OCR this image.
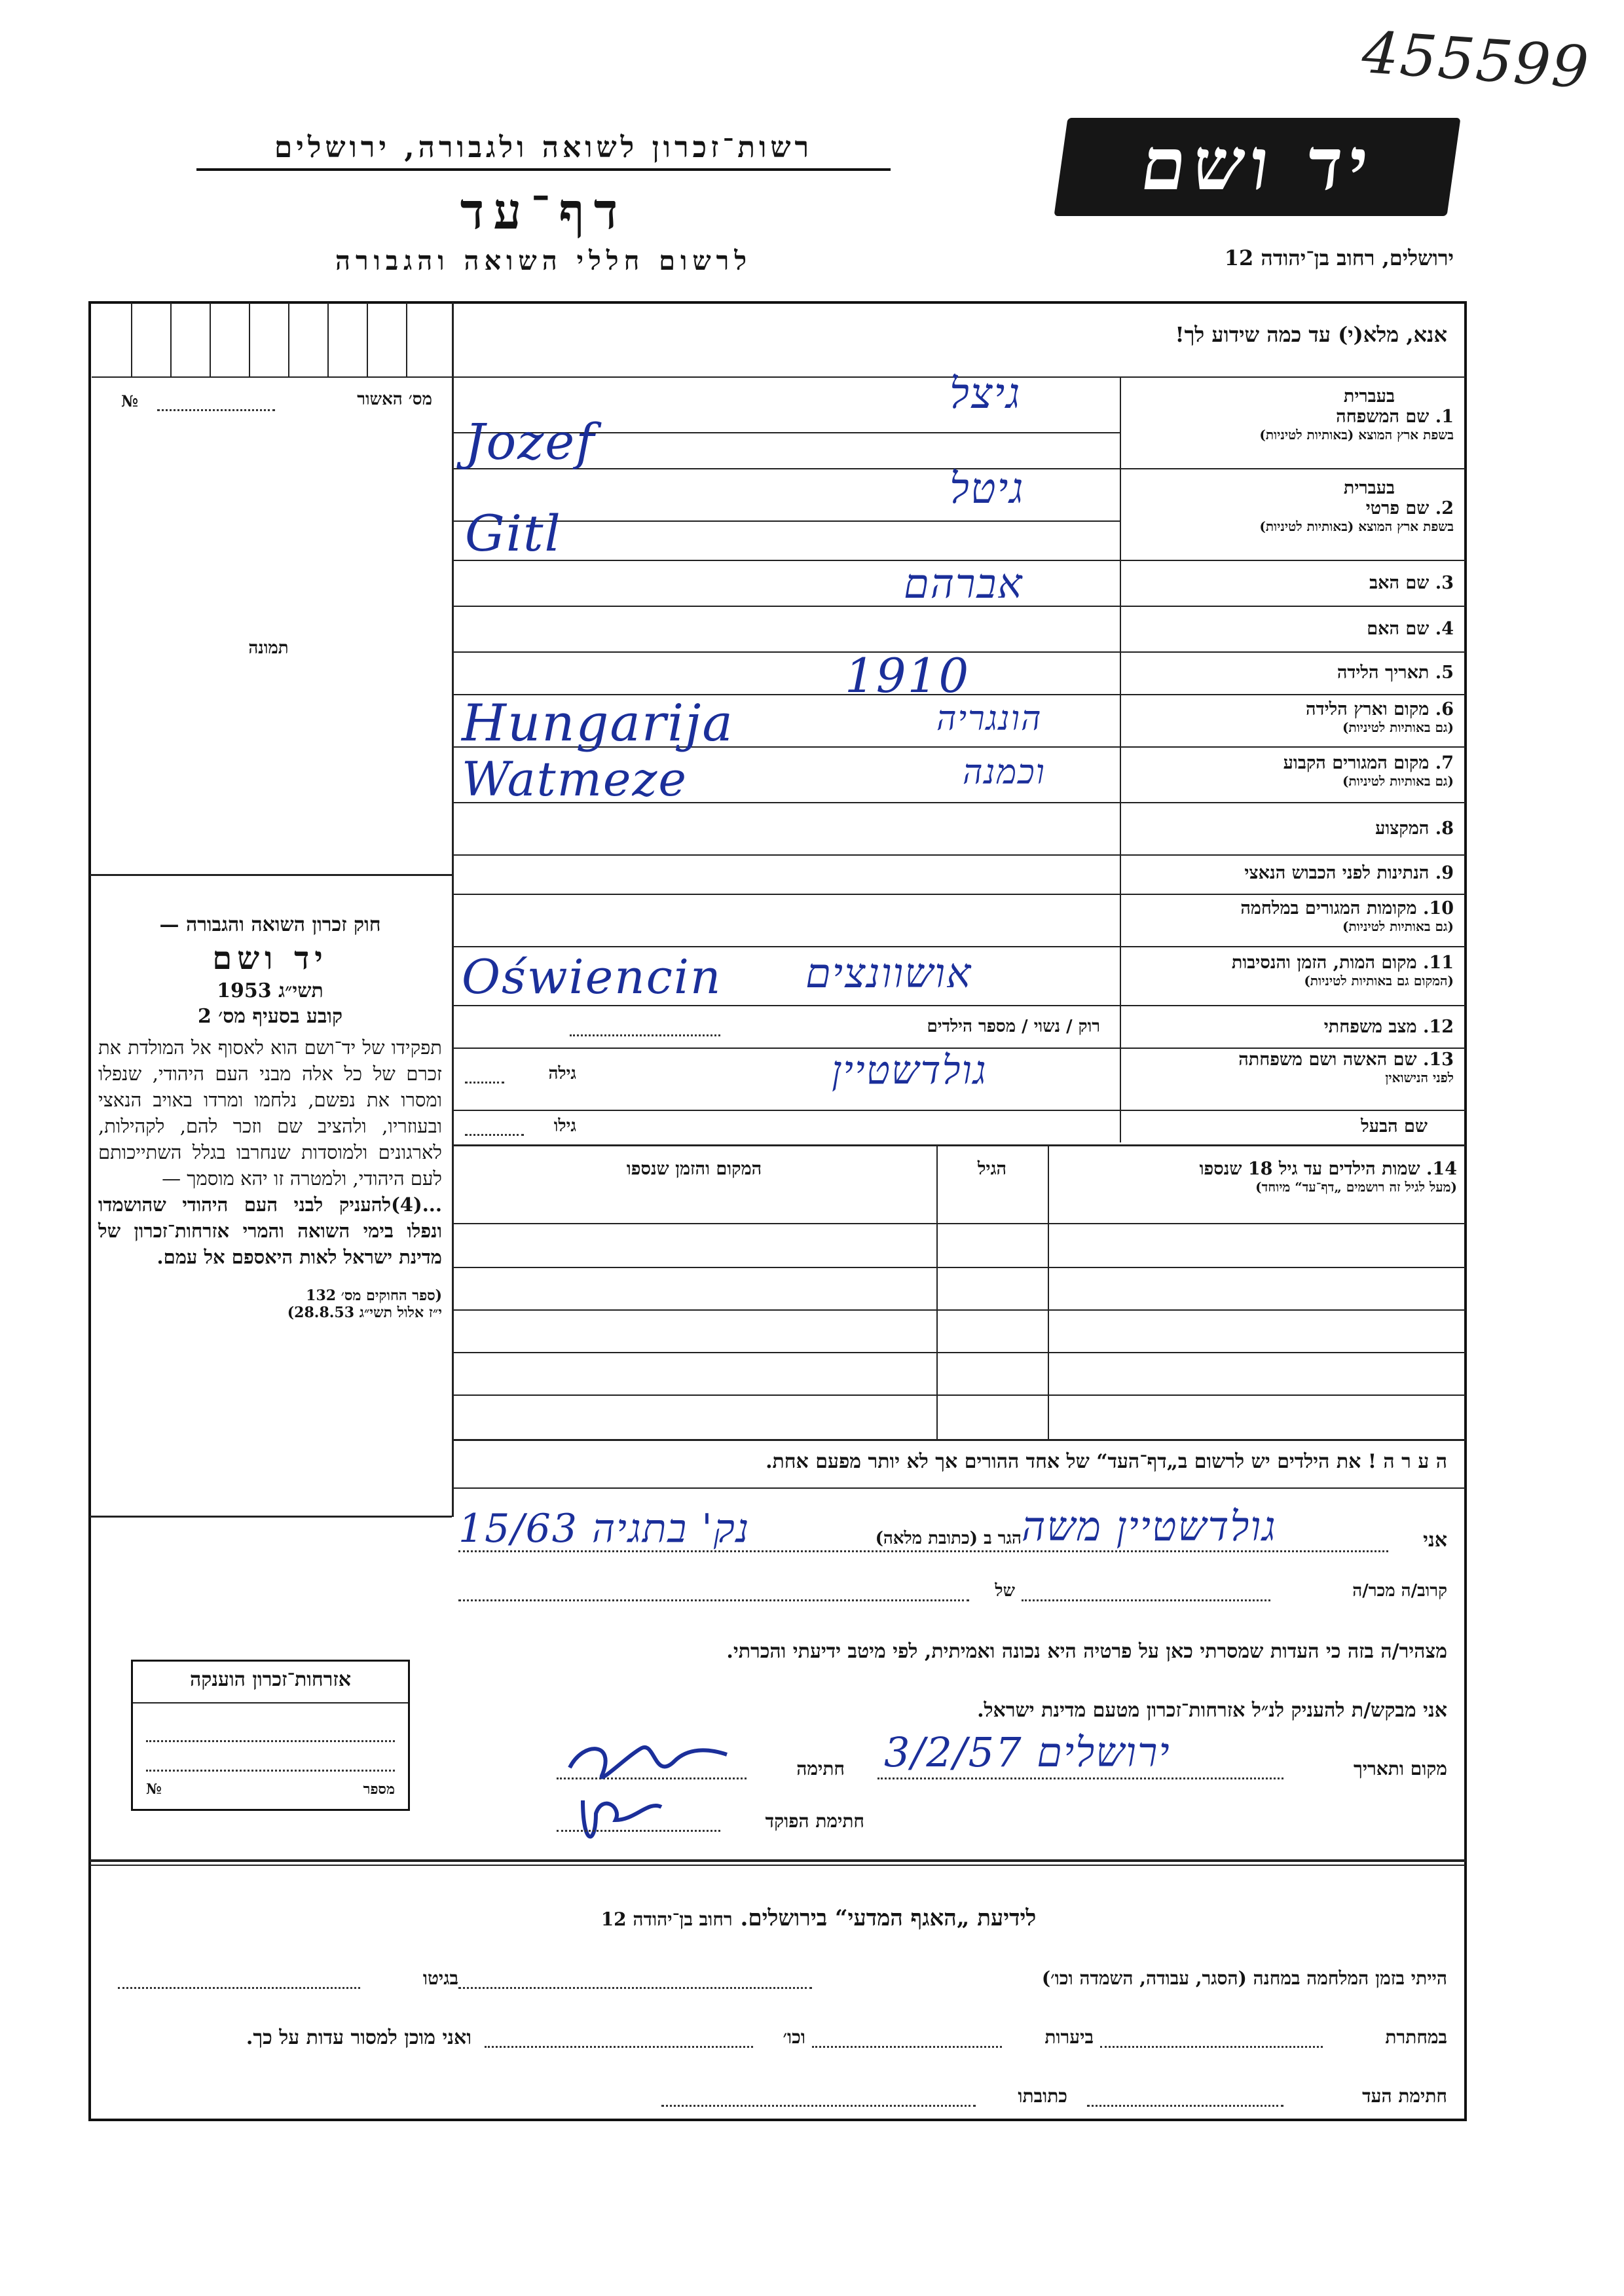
455599
רשות־זכרון לשואה ולגבורה, ירושלים
דף־עד
לרשום חללי השואה והגבורה
יד ושם
ירושלים, רחוב בן־יהודה 12
אנא, מלא(י) עד כמה שידוע לך!
מס׳ האשור
№
תמונה
בעברית
1. שם המשפחה
בשפת ארץ המוצא (באותיות לטיניות)
גיצל
Jozef
בעברית
2. שם פרטי
בשפת ארץ המוצא (באותיות לטיניות)
גיטל
Gitl
3. שם האב
אברהם
4. שם האם
5. תאריך הלידה
1910
6. מקום וארץ הלידה
(גם באותיות לטיניות)
הונגריה
Hungarija
7. מקום המגורים הקבוע
(גם באותיות לטיניות)
וכמנה
Watmeze
8. המקצוע
9. הנתינות לפני הכבוש הנאצי
10. מקומות המגורים במלחמה
(גם באותיות לטיניות)
11. מקום המות, הזמן והנסיבות
(המקום גם באותיות לטיניות)
אושוונצים
Oświencin
12. מצב משפחתי
רוק / נשוי / מספר הילדים
13. שם האשה ושם משפחתה
לפני הנישואין
גולדשטיין
גילה
שם הבעל
גילו
14. שמות הילדים עד גיל 18 שנספו
(מעל לגיל זה רושמים „דף־עד“ מיוחד)
הגיל
המקום והזמן שנספו
חוק זכרון השואה והגבורה —
יד ושם
תשי״ג 1953
קובע בסעיף מס׳ 2
תפקידו של יד־ושם הוא לאסוף אל המולדת את זכרם של כל אלה מבני העם היהודי, שנפלו ומסרו את נפשם, נלחמו ומרדו באויב הנאצי ובעוזריו, ולהציב שם וזכר להם, לקהילות, לארגונים ולמוסדות שנחרבו בגלל השתייכותם לעם היהודי, ולמטרה זו יהא מוסמך —
...(4)להעניק לבני העם היהודי שהושמדו ונפלו בימי השואה והמרי אזרחות־זכרון של מדינת ישראל לאות היאספם אל עמם.
(ספר החוקים מס׳ 132
י״ז אלול תשי״ג 28.8.53)
ה ע ר ה ! את הילדים יש לרשום ב„דף־העד“ של אחד ההורים אך לא יותר מפעם אחת.
אני
גולדשטיין משה
הגר ב (כתובת מלאה)
נק' בתגיה 15/63
קרוב/ה מכר/ה
של
מצהיר/ה בזה כי העדות שמסרתי כאן על פרטיה היא נכונה ואמיתית, לפי מיטב ידיעתי והכרתי.
אני מבקש/ת להעניק לנ״ל אזרחות־זכרון מטעם מדינת ישראל.
מקום ותאריך
ירושלים 3/2/57
חתימה
חתימת הפוקד
אזרחות־זכרון הוענקה
מספר
№
לידיעת „האגף המדעי“ בירושלים. רחוב בן־יהודה 12
הייתי בזמן המלחמה במחנה (הסגר, עבודה, השמדה וכו׳)
בגיטו
במחתרת
ביערות
וכו׳
ואני מוכן למסור עדות על כך.
חתימת העד
כתובתו
